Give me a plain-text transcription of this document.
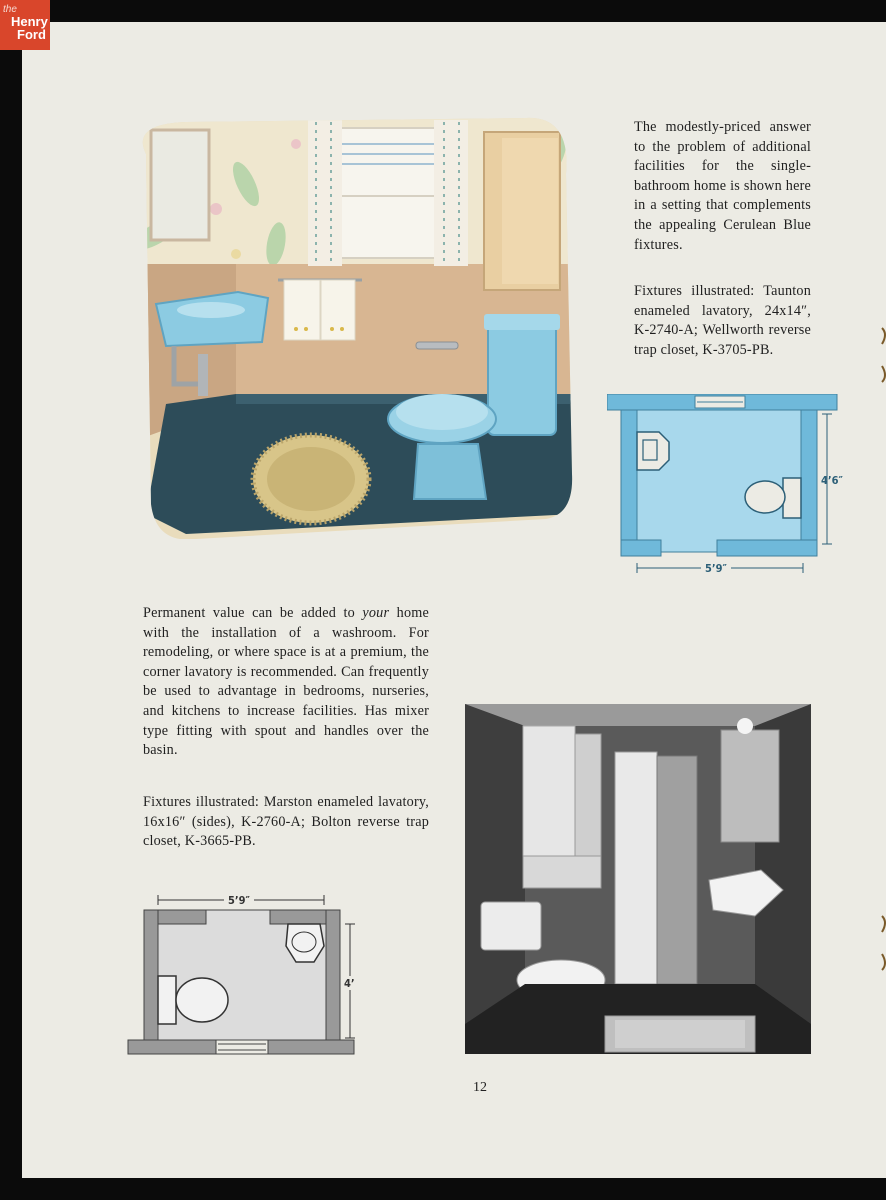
The modestly-priced answer to the problem of additional facilities for the single-bathroom home is shown here in a setting that complements the appealing Cerulean Blue fixtures.

Fixtures illustrated: Taunton enameled lavatory, 24x14″, K-2740-A; Wellworth reverse trap closet, K-3705-PB.

4’6″
5’9″

Permanent value can be added to your home with the installation of a washroom. For remodeling, or where space is at a premium, the corner lavatory is recommended. Can frequently be used to advantage in bedrooms, nurseries, and kitchens to increase facilities. Has mixer type fitting with spout and handles over the basin.

Fixtures illustrated: Marston enameled lavatory, 16x16″ (sides), K-2760-A; Bolton reverse trap closet, K-3665-PB.

5’9″
4’
12
the
Henry
Ford
